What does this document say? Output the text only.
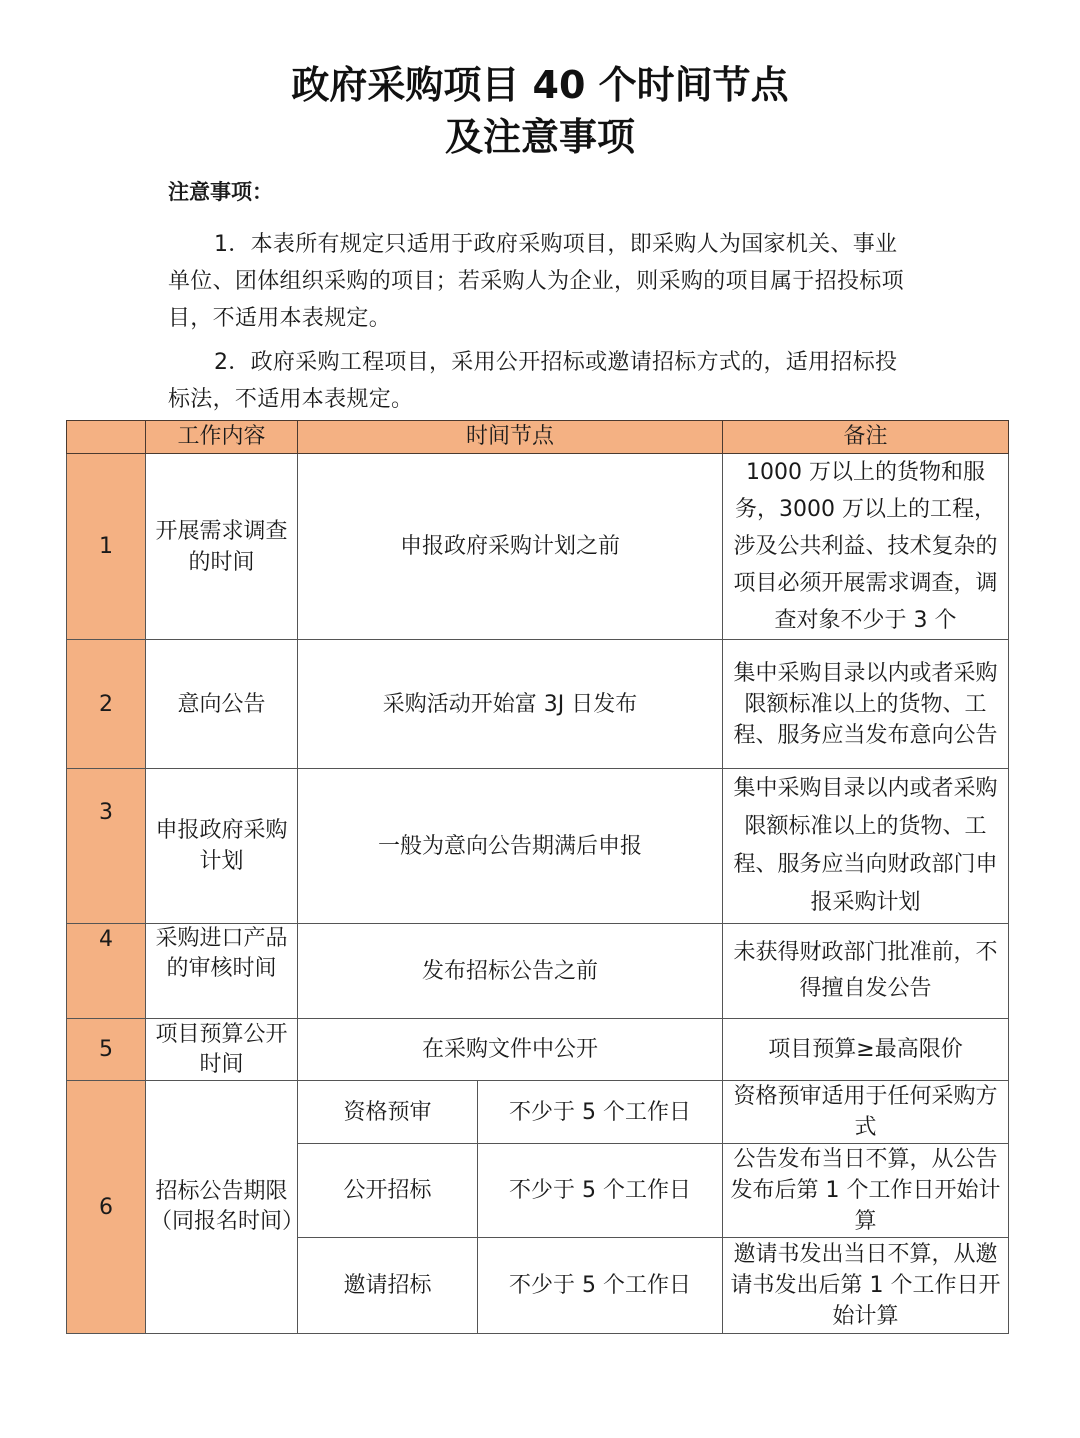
政府采购项目 40 个时间节点
及注意事项
注意事项：
1．本表所有规定只适用于政府采购项目，即采购人为国家机关、事业单位、团体组织采购的项目；若采购人为企业，则采购的项目属于招投标项目，不适用本表规定。
2．政府采购工程项目，采用公开招标或邀请招标方式的，适用招标投标法，不适用本表规定。
	工作内容	时间节点		备注
1	开展需求调查的时间	申报政府采购计划之前		1000 万以上的货物和服务，3000 万以上的工程，涉及公共利益、技术复杂的项目必须开展需求调查，调查对象不少于 3 个
2	意向公告	采购活动开始富 3J 日发布		集中采购目录以内或者采购限额标准以上的货物、工程、服务应当发布意向公告
3	申报政府采购计划	一般为意向公告期满后申报		集中采购目录以内或者采购限额标准以上的货物、工程、服务应当向财政部门申报采购计划
4	采购进口产品的审核时间	发布招标公告之前		未获得财政部门批准前，不得擅自发公告
5	项目预算公开时间	在采购文件中公开		项目预算≥最高限价
6	招标公告期限（同报名时间）	资格预审	不少于 5 个工作日	资格预审适用于任何采购方式
		公开招标	不少于 5 个工作日	公告发布当日不算，从公告发布后第 1 个工作日开始计算
		邀请招标	不少于 5 个工作日	邀请书发出当日不算，从邀请书发出后第 1 个工作日开始计算
